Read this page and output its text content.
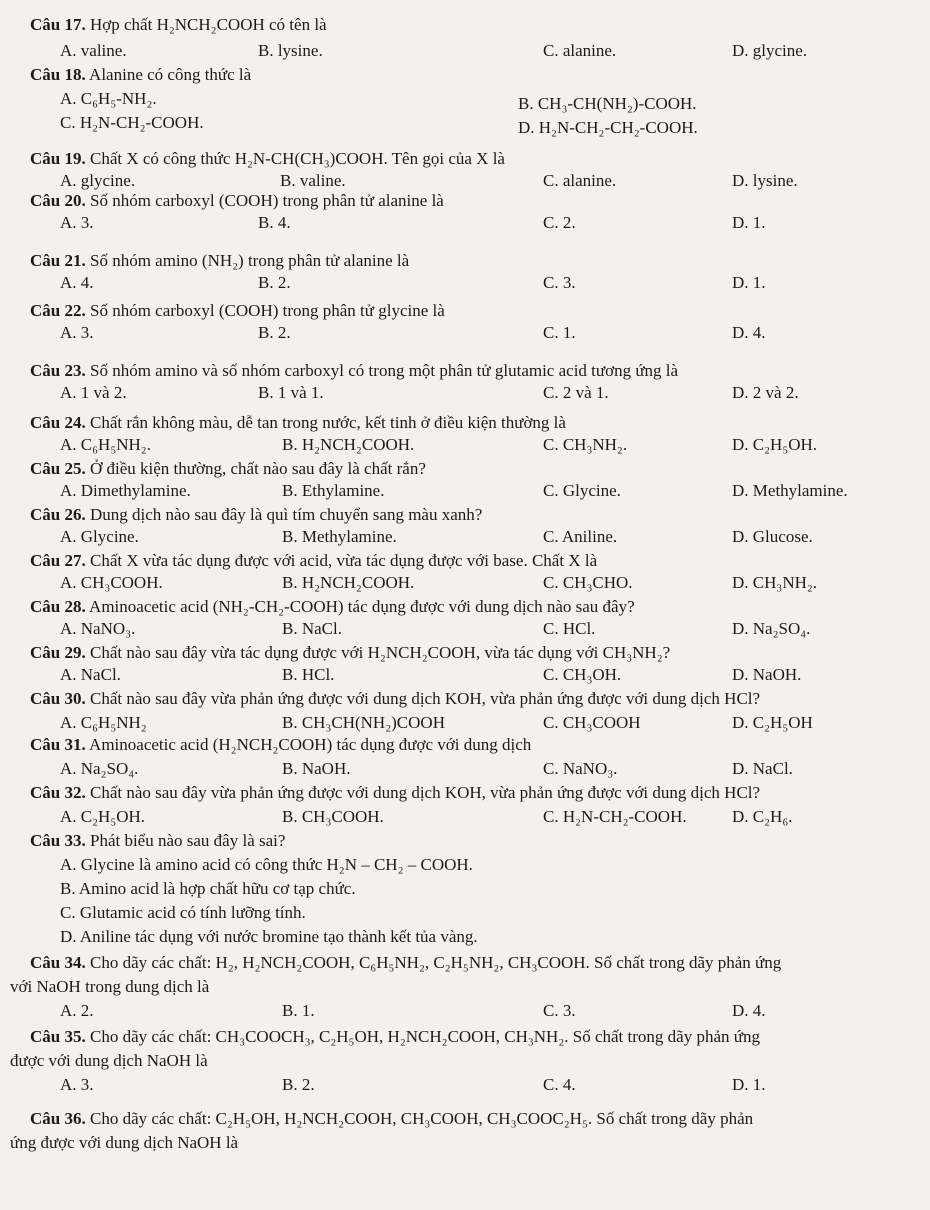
Câu 17. Hợp chất H₂NCH₂COOH có tên là
A. valine.	B. lysine.	C. alanine.	D. glycine.
Câu 18. Alanine có công thức là
A. C₆H₅-NH₂.	B. CH₃-CH(NH₂)-COOH.
C. H₂N-CH₂-COOH.	D. H₂N-CH₂-CH₂-COOH.
Câu 19. Chất X có công thức H₂N-CH(CH₃)COOH. Tên gọi của X là
A. glycine.	B. valine.	C. alanine.	D. lysine.
Câu 20. Số nhóm carboxyl (COOH) trong phân tử alanine là
A. 3.	B. 4.	C. 2.	D. 1.
Câu 21. Số nhóm amino (NH₂) trong phân tử alanine là
A. 4.	B. 2.	C. 3.	D. 1.
Câu 22. Số nhóm carboxyl (COOH) trong phân tử glycine là
A. 3.	B. 2.	C. 1.	D. 4.
Câu 23. Số nhóm amino và số nhóm carboxyl có trong một phân tử glutamic acid tương ứng là
A. 1 và 2.	B. 1 và 1.	C. 2 và 1.	D. 2 và 2.
Câu 24. Chất rắn không màu, dễ tan trong nước, kết tinh ở điều kiện thường là
A. C₆H₅NH₂.	B. H₂NCH₂COOH.	C. CH₃NH₂.	D. C₂H₅OH.
Câu 25. Ở điều kiện thường, chất nào sau đây là chất rắn?
A. Dimethylamine.	B. Ethylamine.	C. Glycine.	D. Methylamine.
Câu 26. Dung dịch nào sau đây là quì tím chuyển sang màu xanh?
A. Glycine.	B. Methylamine.	C. Aniline.	D. Glucose.
Câu 27. Chất X vừa tác dụng được với acid, vừa tác dụng được với base. Chất X là
A. CH₃COOH.	B. H₂NCH₂COOH.	C. CH₃CHO.	D. CH₃NH₂.
Câu 28. Aminoacetic acid (NH₂-CH₂-COOH) tác dụng được với dung dịch nào sau đây?
A. NaNO₃.	B. NaCl.	C. HCl.	D. Na₂SO₄.
Câu 29. Chất nào sau đây vừa tác dụng được với H₂NCH₂COOH, vừa tác dụng với CH₃NH₂?
A. NaCl.	B. HCl.	C. CH₃OH.	D. NaOH.
Câu 30. Chất nào sau đây vừa phản ứng được với dung dịch KOH, vừa phản ứng được với dung dịch HCl?
A. C₆H₅NH₂	B. CH₃CH(NH₂)COOH	C. CH₃COOH	D. C₂H₅OH
Câu 31. Aminoacetic acid (H₂NCH₂COOH) tác dụng được với dung dịch
A. Na₂SO₄.	B. NaOH.	C. NaNO₃.	D. NaCl.
Câu 32. Chất nào sau đây vừa phản ứng được với dung dịch KOH, vừa phản ứng được với dung dịch HCl?
A. C₂H₅OH.	B. CH₃COOH.	C. H₂N-CH₂-COOH.	D. C₂H₆.
Câu 33. Phát biểu nào sau đây là sai?
A. Glycine là amino acid có công thức H₂N – CH₂ – COOH.
B. Amino acid là hợp chất hữu cơ tạp chức.
C. Glutamic acid có tính lưỡng tính.
D. Aniline tác dụng với nước bromine tạo thành kết tủa vàng.
Câu 34. Cho dãy các chất: H₂, H₂NCH₂COOH, C₆H₅NH₂, C₂H₅NH₂, CH₃COOH. Số chất trong dãy phản ứng
với NaOH trong dung dịch là
A. 2.	B. 1.	C. 3.	D. 4.
Câu 35. Cho dãy các chất: CH₃COOCH₃, C₂H₅OH, H₂NCH₂COOH, CH₃NH₂. Số chất trong dãy phản ứng
được với dung dịch NaOH là
A. 3.	B. 2.	C. 4.	D. 1.
Câu 36. Cho dãy các chất: C₂H₅OH, H₂NCH₂COOH, CH₃COOH, CH₃COOC₂H₅. Số chất trong dãy phản
ứng được với dung dịch NaOH là
